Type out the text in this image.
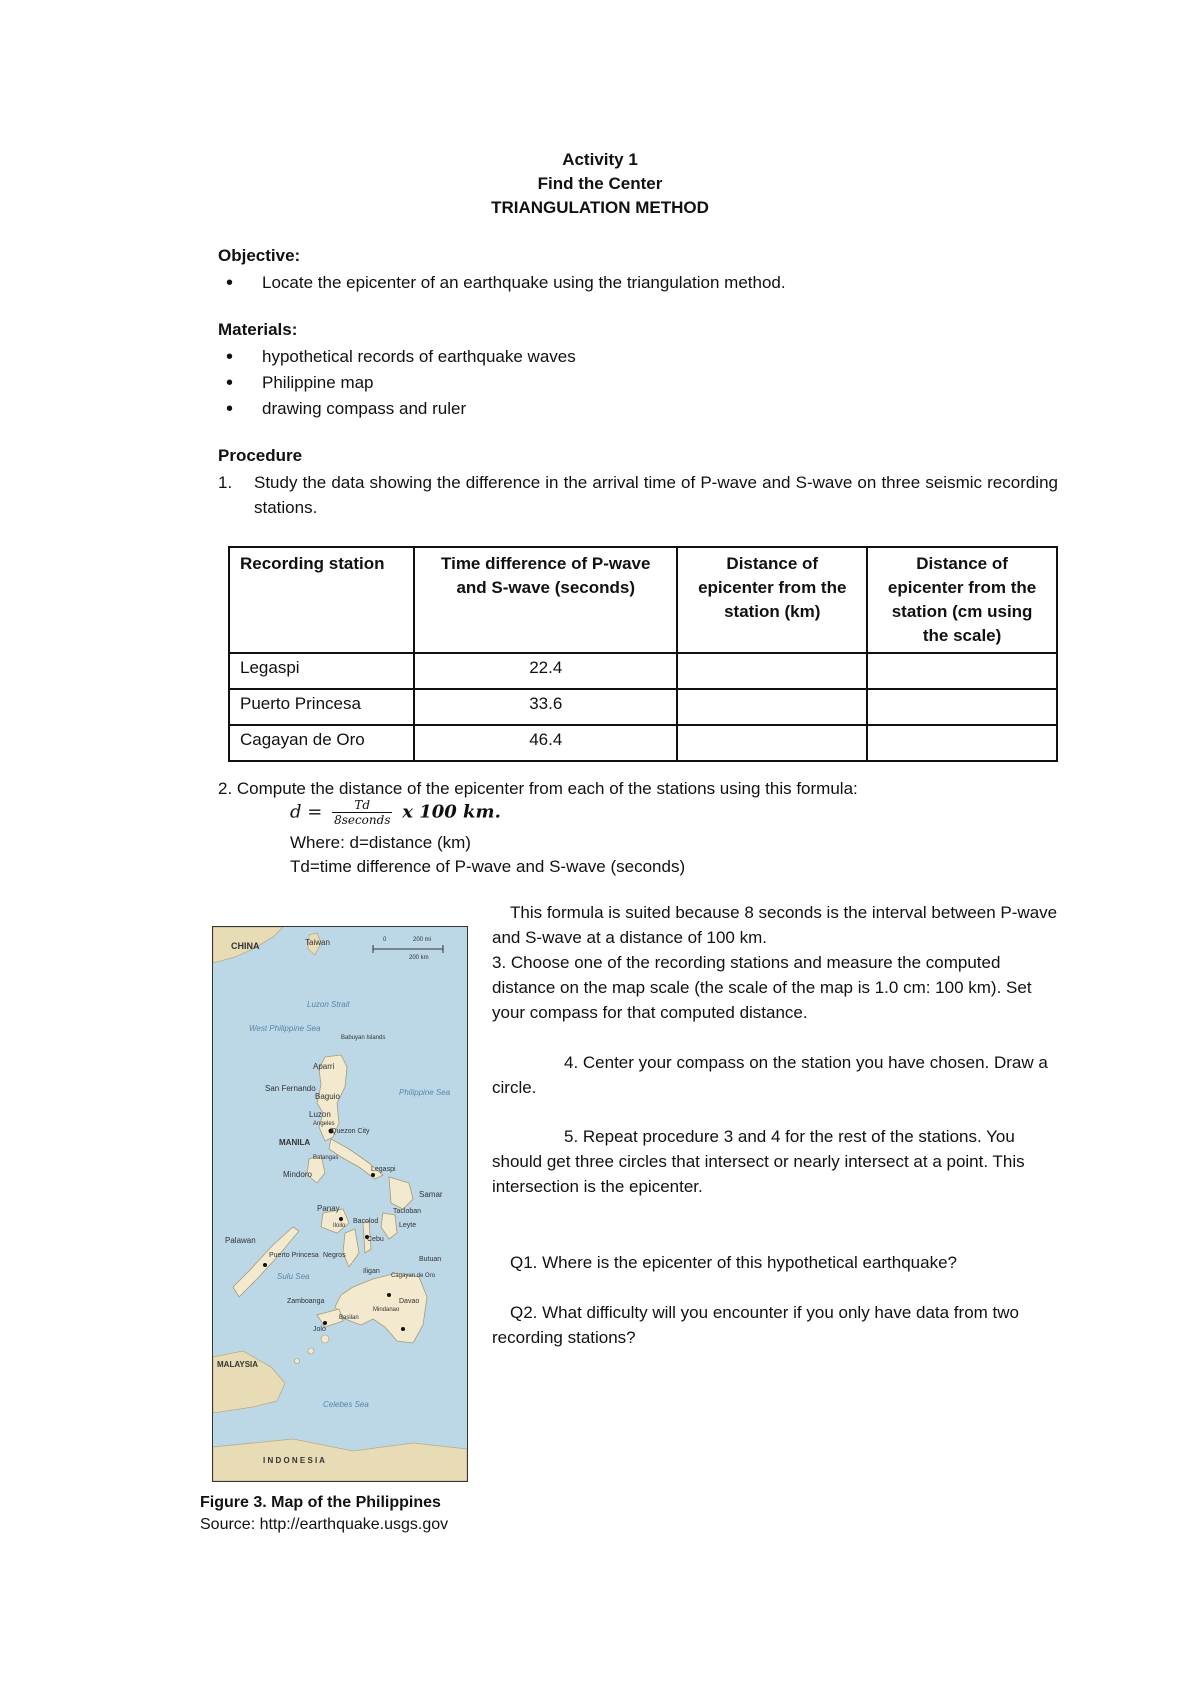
Activity 1
Find the Center
TRIANGULATION METHOD
Objective:
• Locate the epicenter of an earthquake using the triangulation method.
Materials:
• hypothetical records of earthquake waves
• Philippine map
• drawing compass and ruler
Procedure
1. Study the data showing the difference in the arrival time of P-wave and S-wave on three seismic recording stations.
Recording station	Time difference of P-wave and S-wave (seconds)	Distance of epicenter from the station (km)	Distance of epicenter from the station (cm using the scale)
Legaspi	22.4		
Puerto Princesa	33.6		
Cagayan de Oro	46.4		
2. Compute the distance of the epicenter from each of the stations using this formula:
$d = \frac{Td}{\text{8seconds}}$ x 100 km.
Where: d=distance (km)
Td=time difference of P-wave and S-wave (seconds)
CHINA	Taiwan	0	200 mi
200 km
Luzon Strait
West Philippine Sea
Babuyan Islands
Aparri
San Fernando
Baguio	Philippine Sea
Luzon
Angeles
Quezon City
MANILA
Batangas
Mindoro
Legaspi
Samar
Panay
Iloilo
Bacolod
Cebu
Tacloban
Leyte
Palawan
Puerto Princesa Negros
Butuan
Sulu Sea
Iligan
Cagayan de Oro
Davao
Zamboanga
Basilan
Jolo
Mindanao
MALAYSIA
Celebes Sea
I N D O N E S I A
Figure 3. Map of the Philippines
Source: http://earthquake.usgs.gov
This formula is suited because 8 seconds is the interval between P-wave and S-wave at a distance of 100 km.
3. Choose one of the recording stations and measure the computed distance on the map scale (the scale of the map is 1.0 cm: 100 km). Set your compass for that computed distance.
4. Center your compass on the station you have chosen. Draw a circle.
5. Repeat procedure 3 and 4 for the rest of the stations. You should get three circles that intersect or nearly intersect at a point. This intersection is the epicenter.
Q1. Where is the epicenter of this hypothetical earthquake?
Q2. What difficulty will you encounter if you only have data from two recording stations?
